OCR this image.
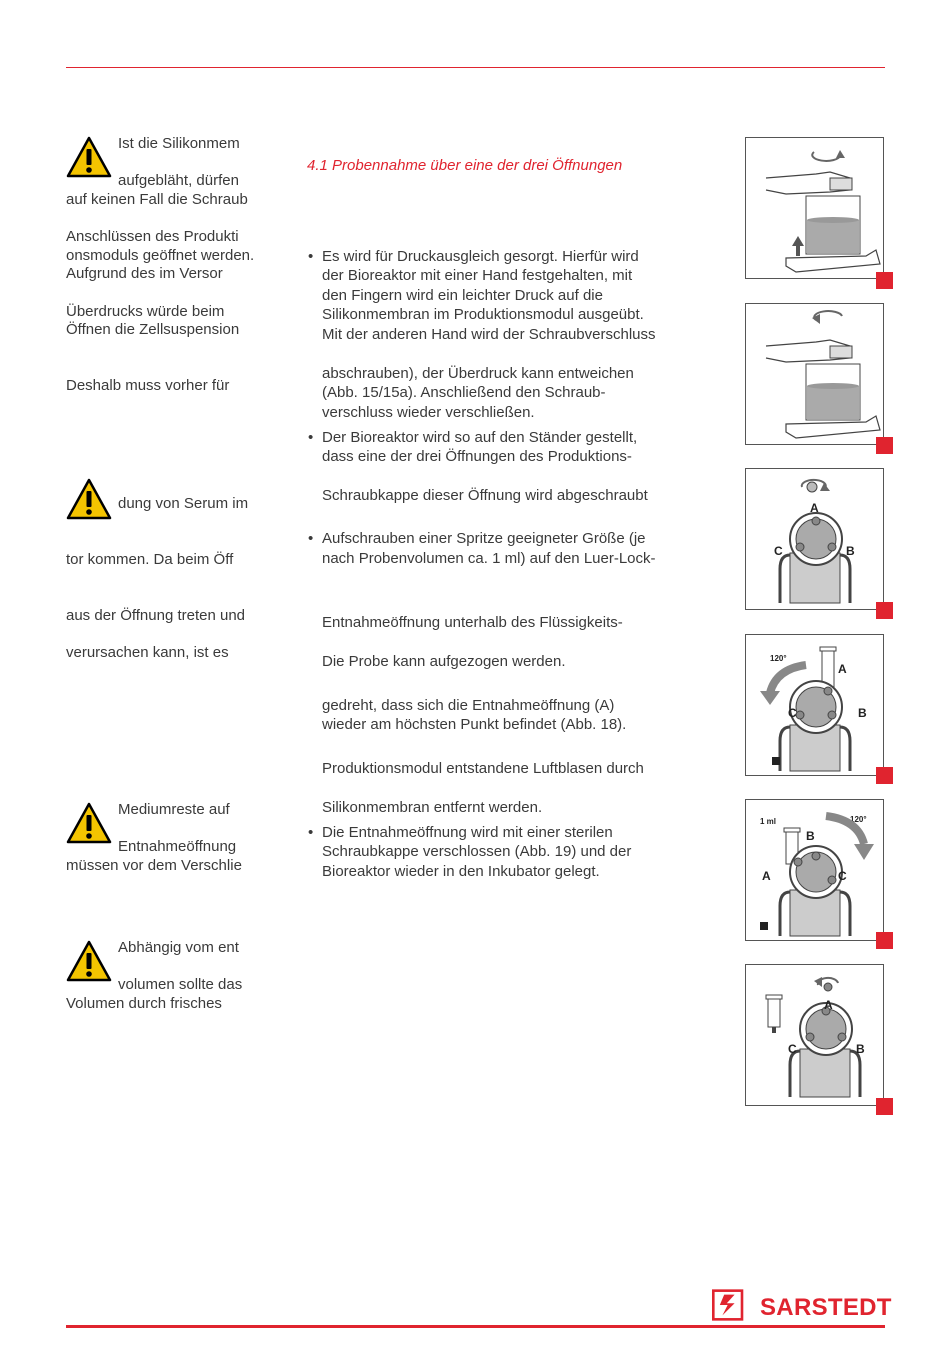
Ist die Silikonmem
aufgebläht, dürfen
auf keinen Fall die Schraub
Anschlüssen des Produkti
onsmoduls geöffnet werden.
Aufgrund des im Versor
Überdrucks würde beim
Öffnen die Zellsuspension
Deshalb muss vorher für
dung von Serum im
tor kommen. Da beim Öff
aus der Öffnung treten und
verursachen kann, ist es
Mediumreste auf
Entnahmeöffnung
müssen vor dem Verschlie
Abhängig vom ent
volumen sollte das
Volumen durch frisches
4.1 Probennahme über eine der drei Öffnungen
• Es wird für Druckausgleich gesorgt. Hierfür wird
der Bioreaktor mit einer Hand festgehalten, mit
den Fingern wird ein leichter Druck auf die
Silikonmembran im Produktionsmodul ausgeübt.
Mit der anderen Hand wird der Schraubverschluss
abschrauben), der Überdruck kann entweichen
(Abb. 15/15a). Anschließend den Schraub-
verschluss wieder verschließen.
• Der Bioreaktor wird so auf den Ständer gestellt,
dass eine der drei Öffnungen des Produktions-
Schraubkappe dieser Öffnung wird abgeschraubt
• Aufschrauben einer Spritze geeigneter Größe (je
nach Probenvolumen ca. 1 ml) auf den Luer-Lock-
Entnahmeöffnung unterhalb des Flüssigkeits-
Die Probe kann aufgezogen werden.
gedreht, dass sich die Entnahmeöffnung (A)
wieder am höchsten Punkt befindet (Abb. 18).
Produktionsmodul entstandene Luftblasen durch
Silikonmembran entfernt werden.
• Die Entnahmeöffnung wird mit einer sterilen
Schraubkappe verschlossen (Abb. 19) und der
Bioreaktor wieder in den Inkubator gelegt.
A
B
C
120°
A
B
C
1 ml	120°
B
A	C
A
C	B
SARSTEDT
